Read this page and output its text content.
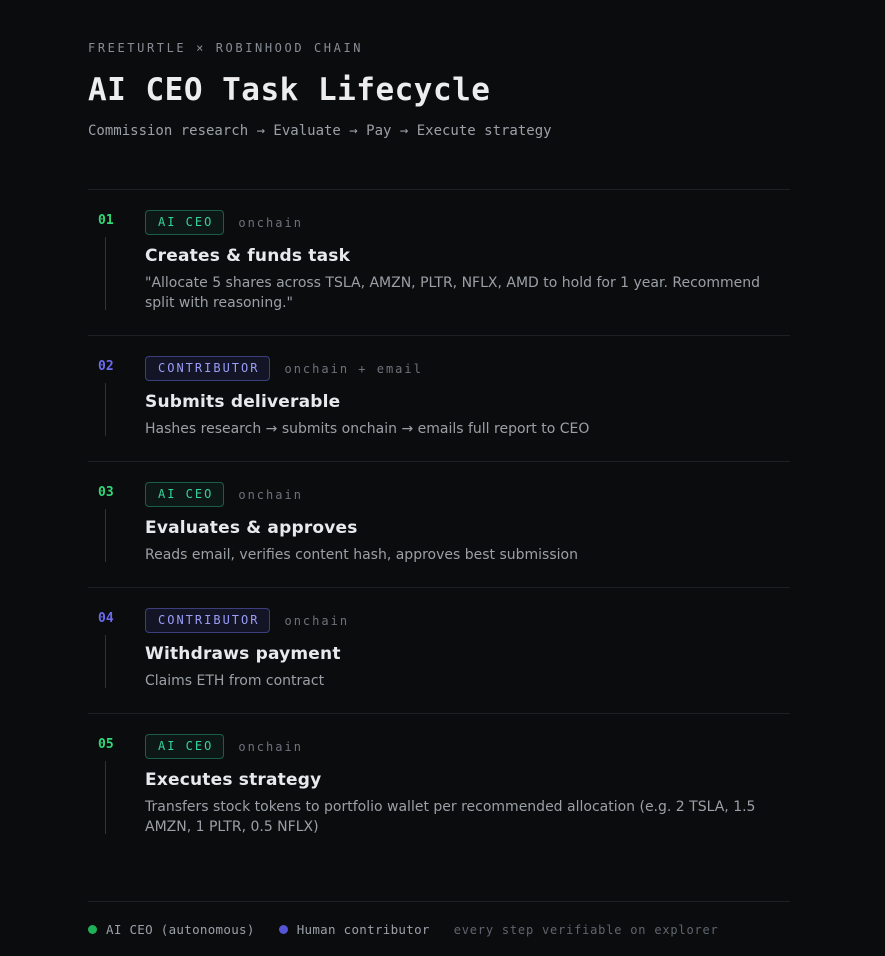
FREETURTLE × ROBINHOOD CHAIN
AI CEO Task Lifecycle
Commission research → Evaluate → Pay → Execute strategy
01	AI CEO	onchain
Creates & funds task
"Allocate 5 shares across TSLA, AMZN, PLTR, NFLX, AMD to hold for 1 year. Recommend split with reasoning."
02	CONTRIBUTOR	onchain + email
Submits deliverable
Hashes research → submits onchain → emails full report to CEO
03	AI CEO	onchain
Evaluates & approves
Reads email, verifies content hash, approves best submission
04	CONTRIBUTOR	onchain
Withdraws payment
Claims ETH from contract
05	AI CEO	onchain
Executes strategy
Transfers stock tokens to portfolio wallet per recommended allocation (e.g. 2 TSLA, 1.5 AMZN, 1 PLTR, 0.5 NFLX)
AI CEO (autonomous)	Human contributor every step verifiable on explorer
